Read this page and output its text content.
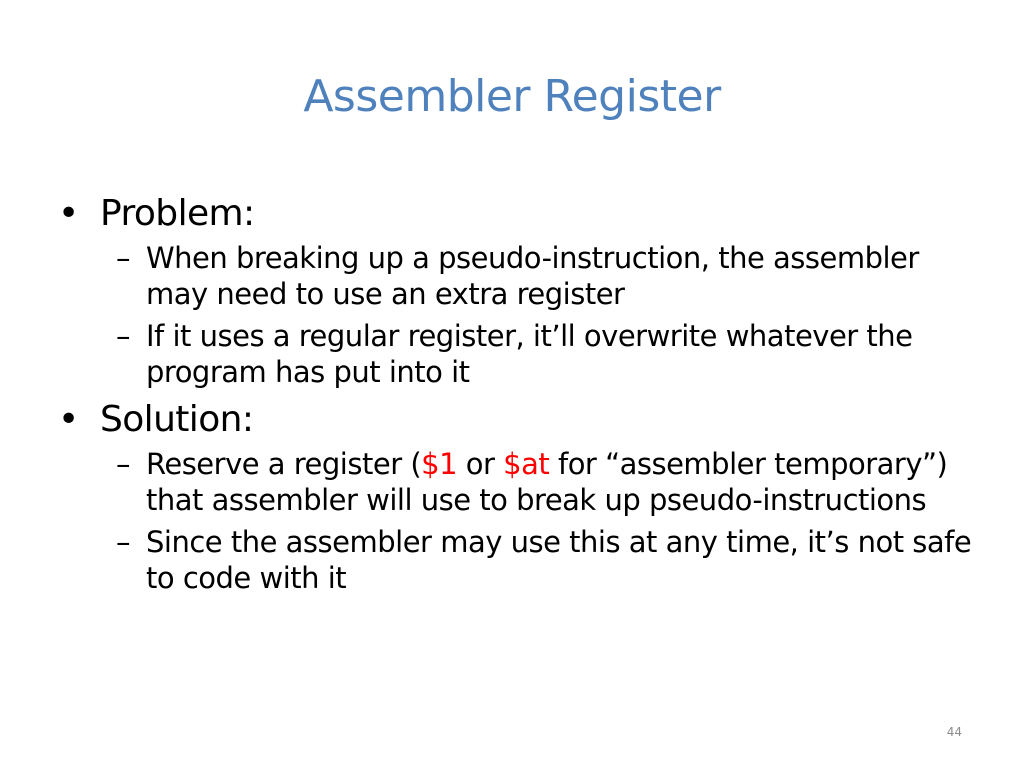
Assembler Register
• Problem:
– When breaking up a pseudo-instruction, the assembler may need to use an extra register
– If it uses a regular register, it’ll overwrite whatever the program has put into it
• Solution:
– Reserve a register ($1 or $at for “assembler temporary”) that assembler will use to break up pseudo-instructions
– Since the assembler may use this at any time, it’s not safe to code with it
44
